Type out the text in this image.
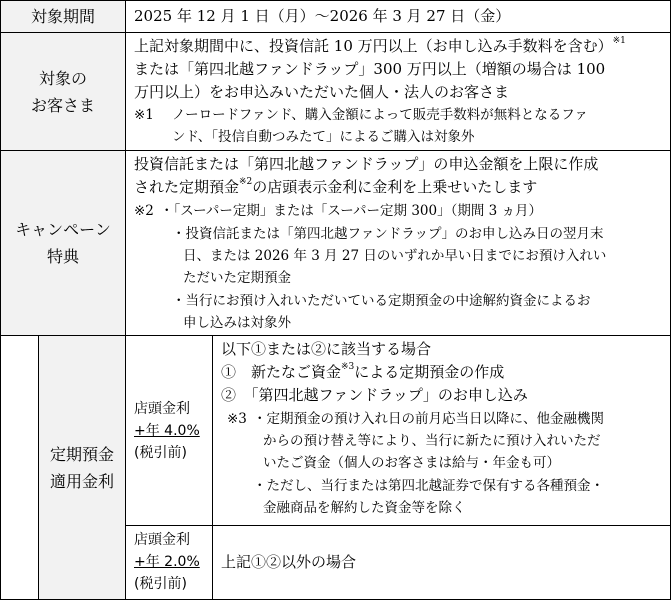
対象期間	2025 年 12 月 1 日（月）～2026 年 3 月 27 日（金）
対象の
お客さま
上記対象期間中に、投資信託 10 万円以上（お申し込み手数料を含む）$^{※1}$
または「第四北越ファンドラップ」300 万円以上（増額の場合は 100
万円以上）をお申込みいただいた個人・法人のお客さま
※1 ノーロードファンド、購入金額によって販売手数料が無料となるファ
ンド、「投信自動つみたて」によるご購入は対象外
キャンペーン
特典
投資信託または「第四北越ファンドラップ」の申込金額を上限に作成
された定期預金$^{※2}$の店頭表示金利に金利を上乗せいたします
※2 ・「スーパー定期」または「スーパー定期 300」（期間 3 ヵ月）
・投資信託または「第四北越ファンドラップ」のお申し込み日の翌月末
日、または 2026 年 3 月 27 日のいずれか早い日までにお預け入れい
ただいた定期預金
・当行にお預け入れいただいている定期預金の中途解約資金によるお
申し込みは対象外
定期預金
適用金利
店頭金利
+年 4.0%
(税引前)
以下①または②に該当する場合
①　新たなご資金$^{※3}$による定期預金の作成
②　「第四北越ファンドラップ」のお申し込み
※3 ・定期預金の預け入れ日の前月応当日以降に、他金融機関
からの預け替え等により、当行に新たに預け入れいただ
いたご資金（個人のお客さまは給与・年金も可）
・ただし、当行または第四北越証券で保有する各種預金・
金融商品を解約した資金等を除く
店頭金利
+年 2.0%
(税引前)
上記①②以外の場合
